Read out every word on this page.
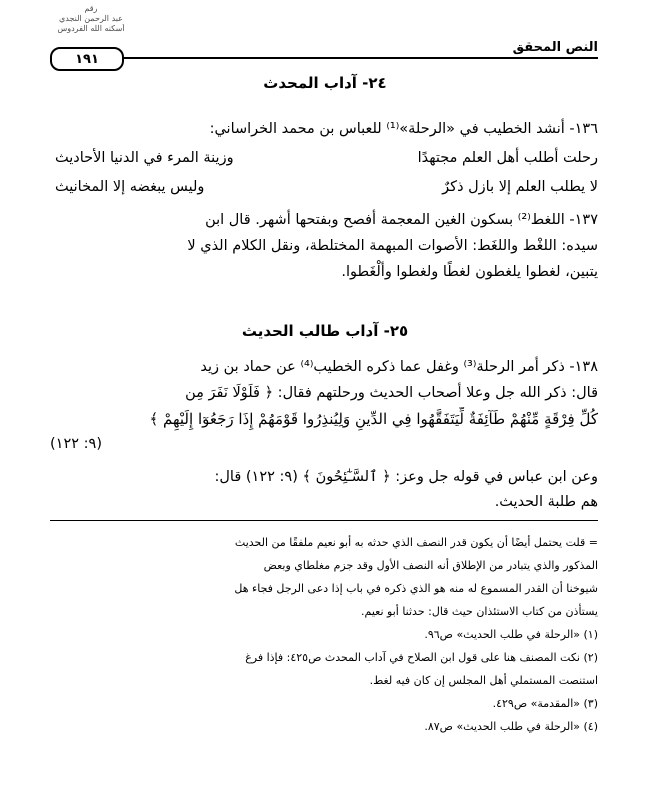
رقم
عبد الرحمن النجدي
أسكنه الله الفردوس
النص المحقق
١٩١
٢٤- آداب المحدث
١٣٦- أنشد الخطيب في «الرحلة»⁽¹⁾ للعباس بن محمد الخراساني:
رحلت أطلب أهل العلم مجتهدًا
وزينة المرء في الدنيا الأحاديث
لا يطلب العلم إلا بازل ذكرٌ
وليس يبغضه إلا المخانيث
١٣٧- اللغط⁽²⁾ بسكون الغين المعجمة أفصح وبفتحها أشهر. قال ابن
سيده: اللغْط واللغَط: الأصوات المبهمة المختلطة، ونقل الكلام الذي لا
يتبين، لغطوا يلغطون لغطًا ولغطوا وألْغَطوا.
٢٥- آداب طالب الحديث
١٣٨- ذكر أمر الرحلة⁽³⁾ وغفل عما ذكره الخطيب⁽⁴⁾ عن حماد بن زيد
قال: ذكر الله جل وعلا أصحاب الحديث ورحلتهم فقال: ﴿ فَلَوْلَا نَفَرَ مِن
كُلِّ فِرْقَةٍ مِّنْهُمْ طَآئِفَةٌ لِّيَتَفَقَّهُوا فِي الدِّينِ وَلِيُنذِرُوا قَوْمَهُمْ إِذَا رَجَعُوٓا إِلَيْهِمْ ﴾
(٩: ١٢٢)
وعن ابن عباس في قوله جل وعز: ﴿ ٱلسَّـٰٓئِحُونَ ﴾ (٩: ١٢٢) قال:
هم طلبة الحديث.
= قلت يحتمل أيضًا أن يكون قدر النصف الذي حدثه به أبو نعيم ملفقًا من الحديث
المذكور والذي يتبادر من الإطلاق أنه النصف الأول وقد جزم مغلطاي وبعض
شيوخنا أن القدر المسموع له منه هو الذي ذكره في باب إذا دعى الرجل فجاء هل
يستأذن من كتاب الاستئذان حيث قال: حدثنا أبو نعيم.
(١) «الرحلة في طلب الحديث» ص٩٦.
(٢) نكت المصنف هنا على قول ابن الصلاح في آداب المحدث ص٤٢٥: فإذا فرغ
استنصت المستملي أهل المجلس إن كان فيه لغط.
(٣) «المقدمة» ص٤٢٩.
(٤) «الرحلة في طلب الحديث» ص٨٧.
